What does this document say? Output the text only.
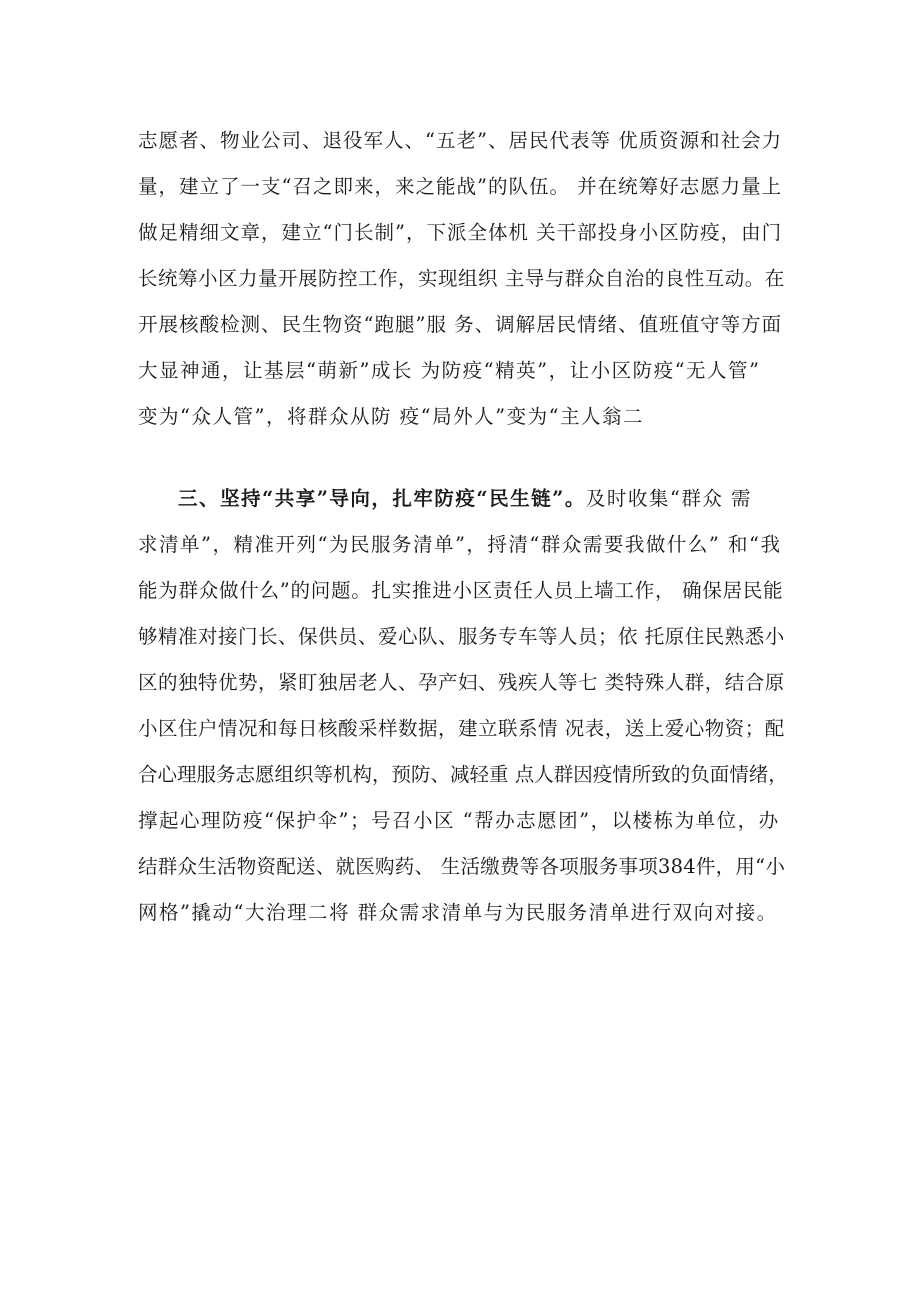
志愿者、物业公司、退役军人、“五老”、居民代表等 优质资源和社会力
量，建立了一支“召之即来，来之能战”的队伍。 并在统筹好志愿力量上
做足精细文章，建立“门长制”，下派全体机 关干部投身小区防疫，由门
长统筹小区力量开展防控工作，实现组织 主导与群众自治的良性互动。在
开展核酸检测、民生物资“跑腿”服 务、调解居民情绪、值班值守等方面
大显神通，让基层“萌新”成长 为防疫“精英”，让小区防疫“无人管”
变为“众人管”，将群众从防 疫“局外人”变为“主人翁二
三、坚持“共享”导向，扎牢防疫“民生链”。及时收集“群众 需
求清单”，精准开列“为民服务清单”，捋清“群众需要我做什么” 和“我
能为群众做什么”的问题。扎实推进小区责任人员上墙工作， 确保居民能
够精准对接门长、保供员、爱心队、服务专车等人员；依 托原住民熟悉小
区的独特优势，紧盯独居老人、孕产妇、残疾人等七 类特殊人群，结合原
小区住户情况和每日核酸采样数据，建立联系情 况表，送上爱心物资；配
合心理服务志愿组织等机构，预防、减轻重 点人群因疫情所致的负面情绪，
撑起心理防疫“保护伞”；号召小区 “帮办志愿团”，以楼栋为单位，办
结群众生活物资配送、就医购药、 生活缴费等各项服务事项384件，用“小
网格”撬动“大治理二将 群众需求清单与为民服务清单进行双向对接。
